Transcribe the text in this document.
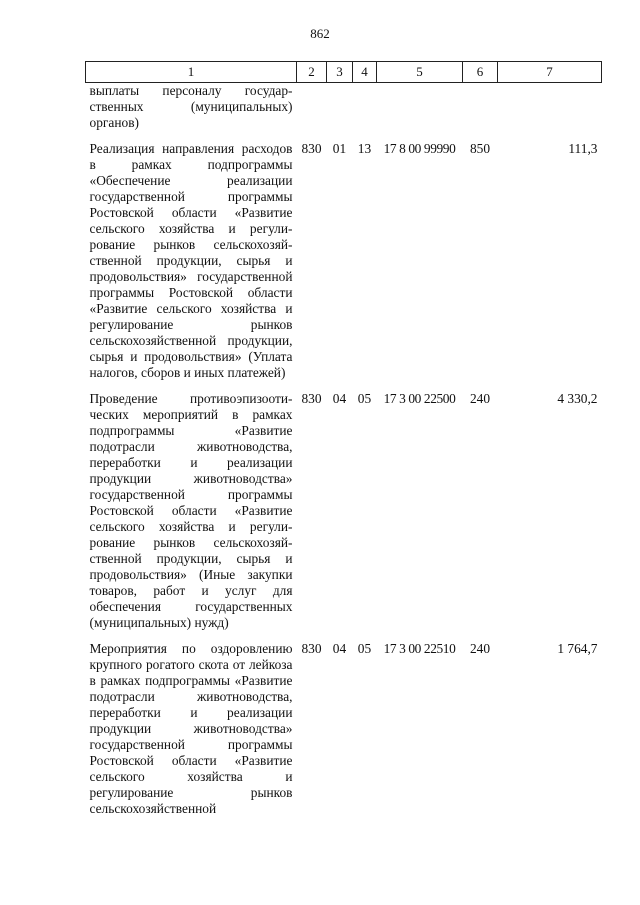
862
1	2	3	4	5	6	7
выплаты персоналу государственных (муниципальных) органов)						
Реализация направления расходов в рамках подпрограммы «Обеспечение реализации государственной программы Ростовской области «Развитие сельского хозяйства и регулирование рынков сельскохозяйственной продукции, сырья и продовольствия» государственной программы Ростовской области «Развитие сельского хозяйства и регулирование рынков сельскохозяйственной продукции, сырья и продовольствия» (Уплата налогов, сборов и иных платежей)	830	01	13	17 8 00 99990	850	111,3
Проведение противоэпизоотических мероприятий в рамках подпрограммы «Развитие подотрасли животноводства, переработки и реализации продукции животноводства» государственной программы Ростовской области «Развитие сельского хозяйства и регулирование рынков сельскохозяйственной продукции, сырья и продовольствия» (Иные закупки товаров, работ и услуг для обеспечения государственных (муниципальных) нужд)	830	04	05	17 3 00 22500	240	4 330,2
Мероприятия по оздоровлению крупного рогатого скота от лейкоза в рамках подпрограммы «Развитие подотрасли животноводства, переработки и реализации продукции животноводства» государственной программы Ростовской области «Развитие сельского хозяйства и регулирование рынков сельскохозяйственной	830	04	05	17 3 00 22510	240	1 764,7
